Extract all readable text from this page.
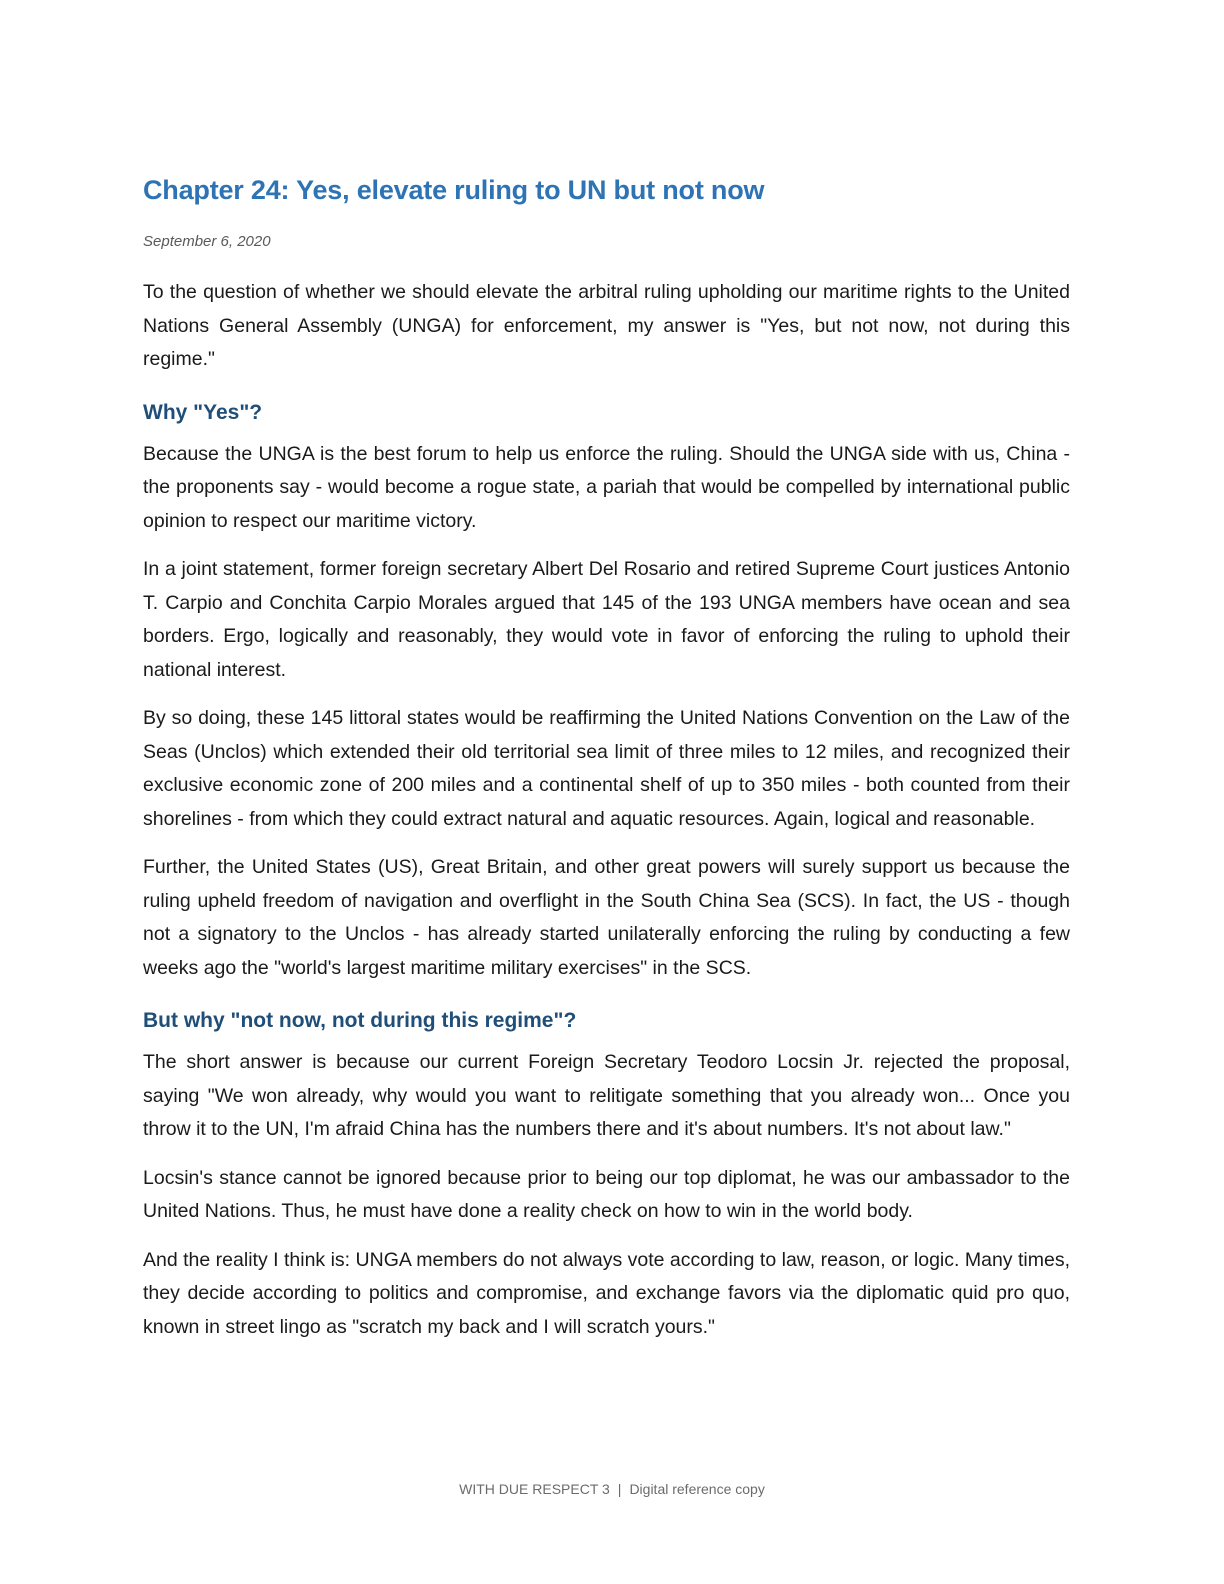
Chapter 24: Yes, elevate ruling to UN but not now
September 6, 2020

To the question of whether we should elevate the arbitral ruling upholding our maritime rights to the United Nations General Assembly (UNGA) for enforcement, my answer is "Yes, but not now, not during this regime."

Why "Yes"?

Because the UNGA is the best forum to help us enforce the ruling. Should the UNGA side with us, China - the proponents say - would become a rogue state, a pariah that would be compelled by international public opinion to respect our maritime victory.

In a joint statement, former foreign secretary Albert Del Rosario and retired Supreme Court justices Antonio T. Carpio and Conchita Carpio Morales argued that 145 of the 193 UNGA members have ocean and sea borders. Ergo, logically and reasonably, they would vote in favor of enforcing the ruling to uphold their national interest.

By so doing, these 145 littoral states would be reaffirming the United Nations Convention on the Law of the Seas (Unclos) which extended their old territorial sea limit of three miles to 12 miles, and recognized their exclusive economic zone of 200 miles and a continental shelf of up to 350 miles - both counted from their shorelines - from which they could extract natural and aquatic resources. Again, logical and reasonable.

Further, the United States (US), Great Britain, and other great powers will surely support us because the ruling upheld freedom of navigation and overflight in the South China Sea (SCS). In fact, the US - though not a signatory to the Unclos - has already started unilaterally enforcing the ruling by conducting a few weeks ago the "world's largest maritime military exercises" in the SCS.

But why "not now, not during this regime"?

The short answer is because our current Foreign Secretary Teodoro Locsin Jr. rejected the proposal, saying "We won already, why would you want to relitigate something that you already won... Once you throw it to the UN, I'm afraid China has the numbers there and it's about numbers. It's not about law."

Locsin's stance cannot be ignored because prior to being our top diplomat, he was our ambassador to the United Nations. Thus, he must have done a reality check on how to win in the world body.

And the reality I think is: UNGA members do not always vote according to law, reason, or logic. Many times, they decide according to politics and compromise, and exchange favors via the diplomatic quid pro quo, known in street lingo as "scratch my back and I will scratch yours."

WITH DUE RESPECT 3 | Digital reference copy
